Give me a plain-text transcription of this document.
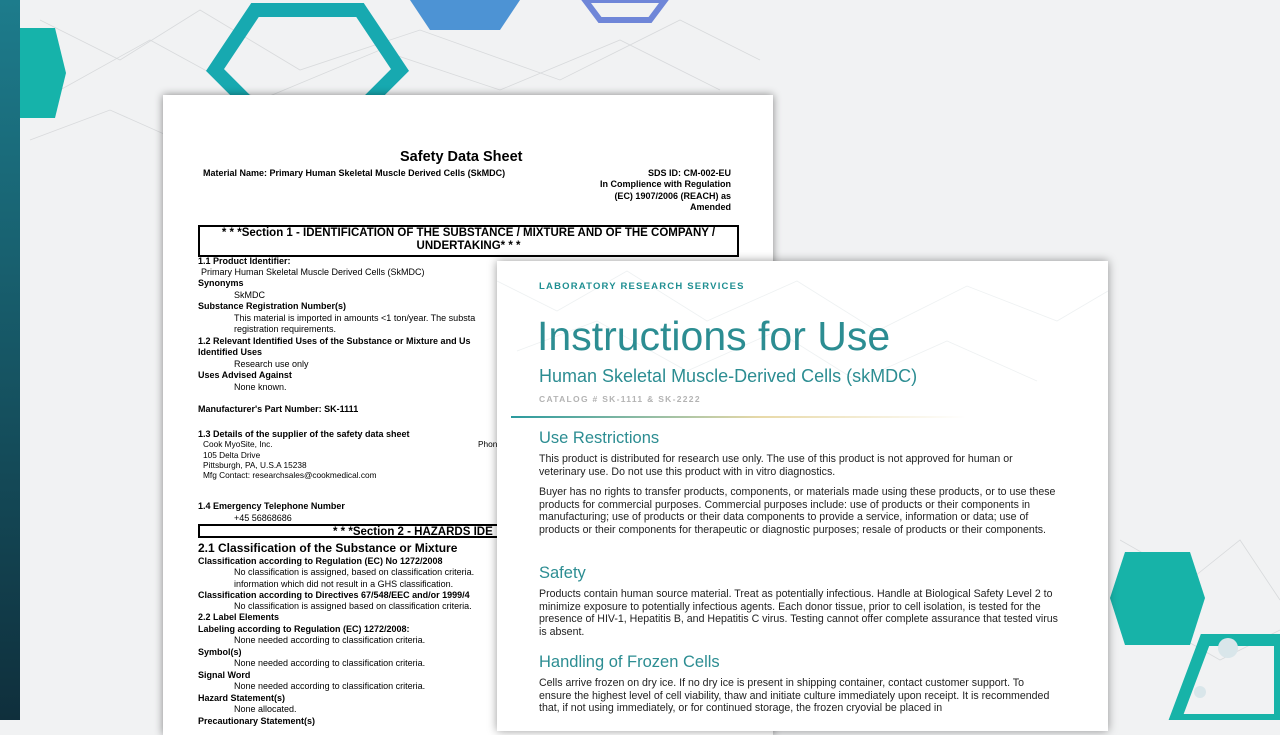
Safety Data Sheet
Material Name: Primary Human Skeletal Muscle Derived Cells (SkMDC)	SDS ID: CM-002-EU
In Complience with Regulation
(EC) 1907/2006 (REACH) as
Amended
* * *Section 1 - IDENTIFICATION OF THE SUBSTANCE / MIXTURE AND OF THE COMPANY /
UNDERTAKING* * *
1.1 Product Identifier:
Primary Human Skeletal Muscle Derived Cells (SkMDC)
Synonyms
SkMDC
Substance Registration Number(s)
This material is imported in amounts <1 ton/year. The substa
registration requirements.
1.2 Relevant Identified Uses of the Substance or Mixture and Us
Identified Uses
Research use only
Uses Advised Against
None known.
Manufacturer's Part Number: SK-1111
1.3 Details of the supplier of the safety data sheet
Cook MyoSite, Inc.	Phon
105 Delta Drive
Pittsburgh, PA, U.S.A 15238
Mfg Contact: researchsales@cookmedical.com
1.4 Emergency Telephone Number
+45 56868686
* * *Section 2 - HAZARDS IDE
2.1 Classification of the Substance or Mixture
Classification according to Regulation (EC) No 1272/2008
No classification is assigned, based on classification criteria.
information which did not result in a GHS classification.
Classification according to Directives 67/548/EEC and/or 1999/4
No classification is assigned based on classification criteria.
2.2 Label Elements
Labeling according to Regulation (EC) 1272/2008:
None needed according to classification criteria.
Symbol(s)
None needed according to classification criteria.
Signal Word
None needed according to classification criteria.
Hazard Statement(s)
None allocated.
Precautionary Statement(s)
LABORATORY RESEARCH SERVICES
Instructions for Use
Human Skeletal Muscle-Derived Cells (skMDC)
CATALOG # SK-1111 & SK-2222
Use Restrictions
This product is distributed for research use only. The use of this product is not approved for human or veterinary use. Do not use this product with in vitro diagnostics.
Buyer has no rights to transfer products, components, or materials made using these products, or to use these products for commercial purposes. Commercial purposes include: use of products or their components in manufacturing; use of products or their data components to provide a service, information or data; use of products or their components for therapeutic or diagnostic purposes; resale of products or their components.
Safety
Products contain human source material. Treat as potentially infectious. Handle at Biological Safety Level 2 to minimize exposure to potentially infectious agents. Each donor tissue, prior to cell isolation, is tested for the presence of HIV-1, Hepatitis B, and Hepatitis C virus. Testing cannot offer complete assurance that tested virus is absent.
Handling of Frozen Cells
Cells arrive frozen on dry ice. If no dry ice is present in shipping container, contact customer support. To ensure the highest level of cell viability, thaw and initiate culture immediately upon receipt. It is recommended that, if not using immediately, or for continued storage, the frozen cryovial be placed in
